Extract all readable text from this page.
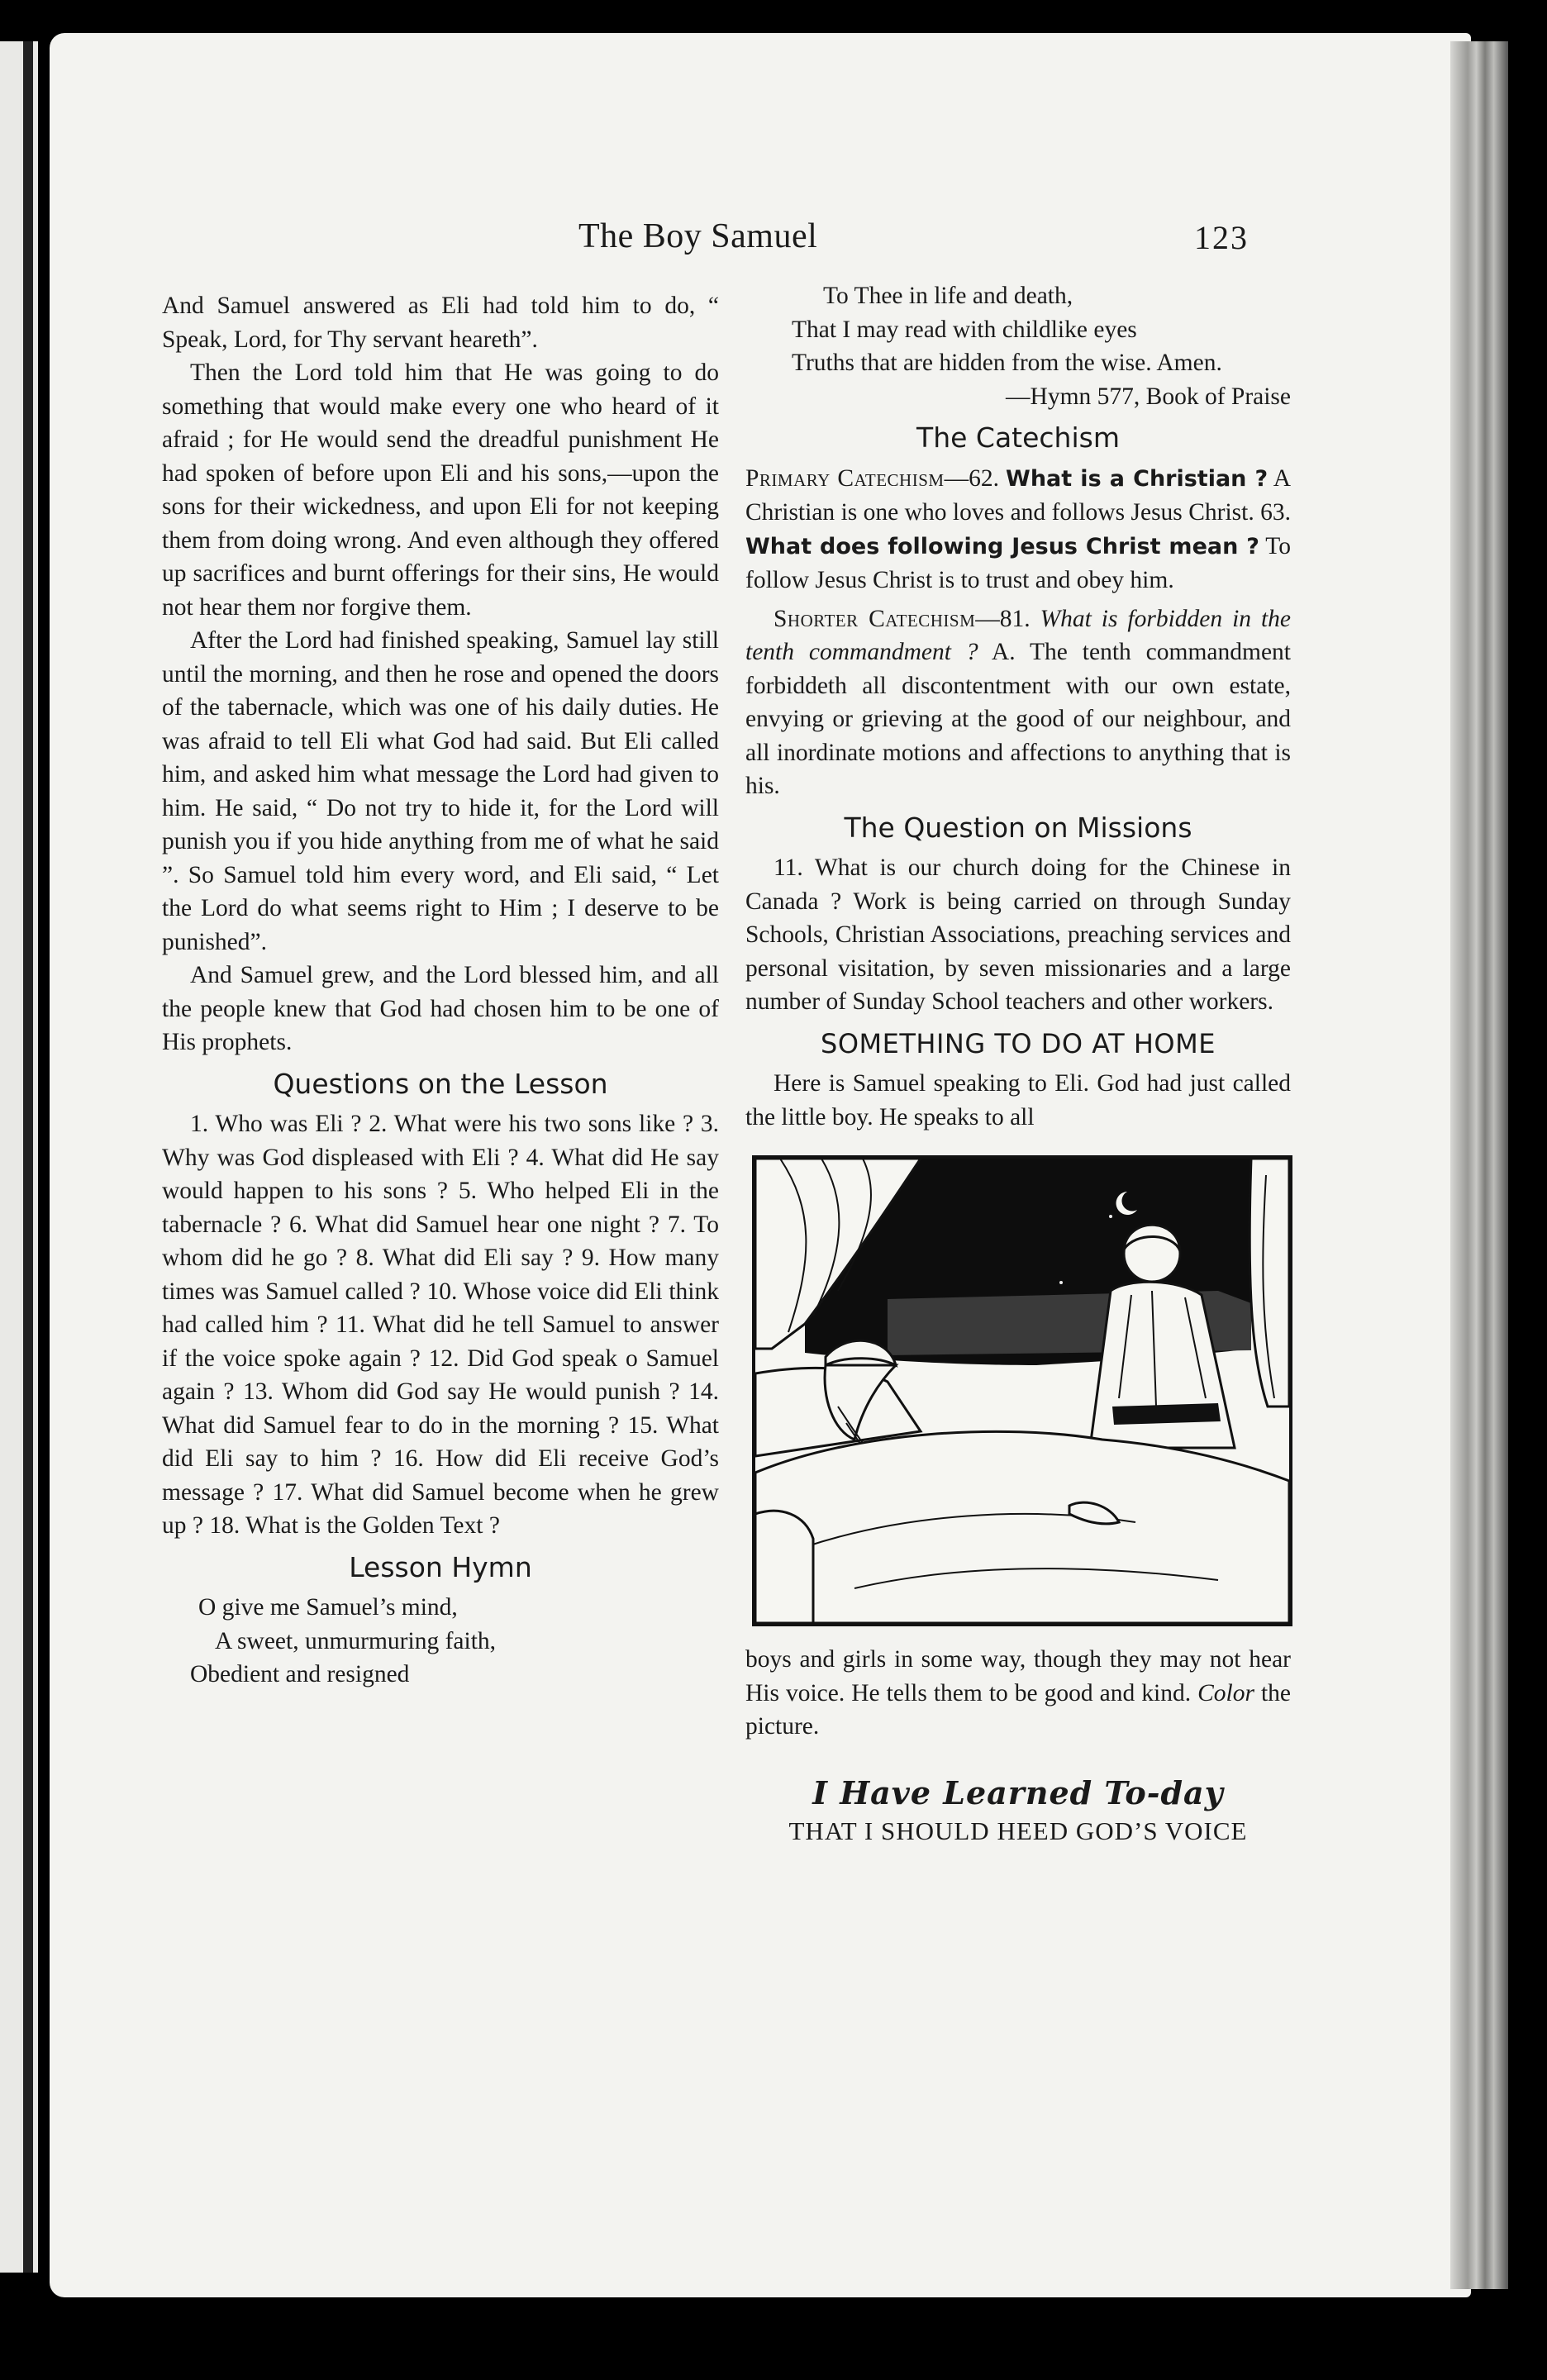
The Boy Samuel	123

And Samuel answered as Eli had told him to do, “ Speak, Lord, for Thy servant heareth”.

Then the Lord told him that He was going to do something that would make every one who heard of it afraid ; for He would send the dreadful punishment He had spoken of before upon Eli and his sons,—upon the sons for their wickedness, and upon Eli for not keeping them from doing wrong. And even although they offered up sacrifices and burnt offerings for their sins, He would not hear them nor forgive them.

After the Lord had finished speaking, Samuel lay still until the morning, and then he rose and opened the doors of the tabernacle, which was one of his daily duties. He was afraid to tell Eli what God had said. But Eli called him, and asked him what message the Lord had given to him. He said, “ Do not try to hide it, for the Lord will punish you if you hide anything from me of what he said ”. So Samuel told him every word, and Eli said, “ Let the Lord do what seems right to Him ; I deserve to be punished”.

And Samuel grew, and the Lord blessed him, and all the people knew that God had chosen him to be one of His prophets.

Questions on the Lesson

1. Who was Eli ? 2. What were his two sons like ? 3. Why was God displeased with Eli ? 4. What did He say would happen to his sons ? 5. Who helped Eli in the tabernacle ? 6. What did Samuel hear one night ? 7. To whom did he go ? 8. What did Eli say ? 9. How many times was Samuel called ? 10. Whose voice did Eli think had called him ? 11. What did he tell Samuel to answer if the voice spoke again ? 12. Did God speak o Samuel again ? 13. Whom did God say He would punish ? 14. What did Samuel fear to do in the morning ? 15. What did Eli say to him ? 16. How did Eli receive God’s message ? 17. What did Samuel become when he grew up ? 18. What is the Golden Text ?

Lesson Hymn

O give me Samuel’s mind,

A sweet, unmurmuring faith,

Obedient and resigned

To Thee in life and death,

That I may read with childlike eyes

Truths that are hidden from the wise. Amen.

—Hymn 577, Book of Praise

The Catechism

Primary Catechism—62. What is a Christian ? A Christian is one who loves and follows Jesus Christ. 63. What does following Jesus Christ mean ? To follow Jesus Christ is to trust and obey him.

Shorter Catechism—81. What is forbidden in the tenth commandment ? A. The tenth commandment forbiddeth all discontentment with our own estate, envying or grieving at the good of our neighbour, and all inordinate motions and affections to anything that is his.

The Question on Missions

11. What is our church doing for the Chinese in Canada ? Work is being carried on through Sunday Schools, Christian Associations, preaching services and personal visitation, by seven missionaries and a large number of Sunday School teachers and other workers.

SOMETHING TO DO AT HOME

Here is Samuel speaking to Eli. God had just called the little boy. He speaks to all

boys and girls in some way, though they may not hear His voice. He tells them to be good and kind. Color the picture.

I Have Learned To-day
THAT I SHOULD HEED GOD’S VOICE
